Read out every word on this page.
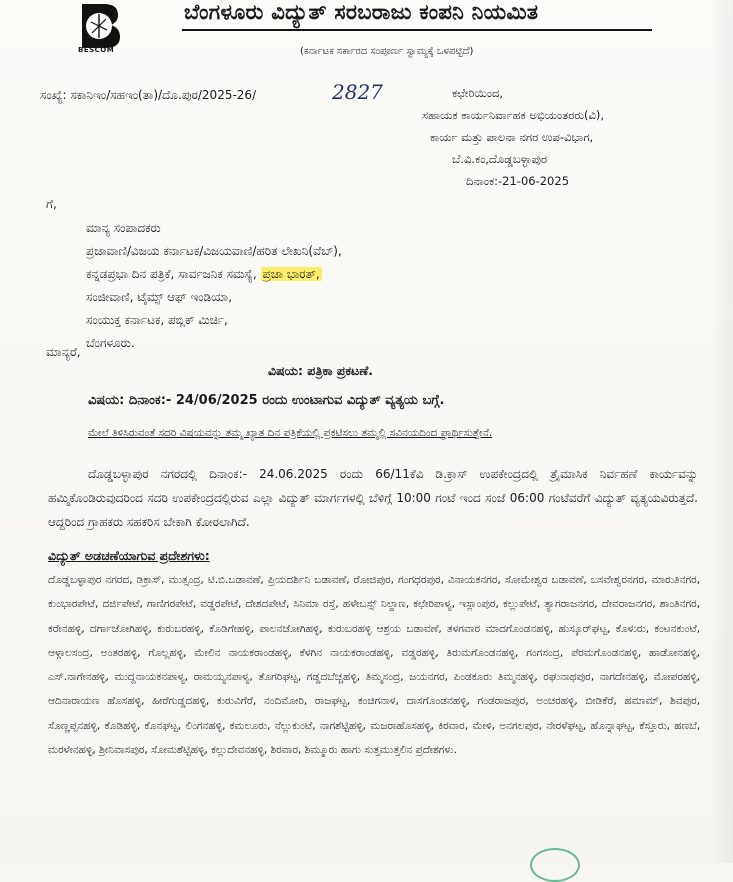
BESCOM
ಬೆಂಗಳೂರು ವಿದ್ಯುತ್ ಸರಬರಾಜು ಕಂಪನಿ ನಿಯಮಿತ
(ಕರ್ನಾಟಕ ಸರ್ಕಾರದ ಸಂಪೂರ್ಣ ಸ್ವಾಮ್ಯಕ್ಕೆ ಒಳಪಟ್ಟಿದೆ)
ಸಂಖ್ಯೆ: ಸಕಾನಿಇಂ/ಸಹಇಂ(ತಾ)/ದೊ.ಪುರ/2025-26/	2827	ಕಛೇರಿಯಿಂದ,
ಸಹಾಯಕ ಕಾರ್ಯನಿರ್ವಾಹಕ ಅಭಿಯಂತರರು(ವಿ),
ಕಾರ್ಯ ಮತ್ತು ಪಾಲನಾ ನಗರ ಉಪ-ವಿಭಾಗ,
ಬೆ.ವಿ.ಕಂ,ದೊಡ್ಡಬಳ್ಳಾಪುರ
ದಿನಾಂಕ:-21-06-2025
ಗೆ,
ಮಾನ್ಯ ಸಂಪಾದಕರು
ಪ್ರಜಾವಾಣಿ/ವಿಜಯ ಕರ್ನಾಟಕ/ವಿಜಯವಾಣಿ/ಹರಿತ ಲೇಖನಿ(ವೆಬ್),
ಕನ್ನಡಪ್ರಭಾ ದಿನ ಪತ್ರಿಕೆ, ಸಾರ್ವಜನಿಕ ಸಮಸ್ಯೆ, ಪ್ರಜಾ ಭಾರತ್,
ಸಂಜೀವಾಣಿ, ಟೈಮ್ಸ್ ಆಫ್ ಇಂಡಿಯಾ,
ಸಂಯುಕ್ತ ಕರ್ನಾಟಕ, ಪಬ್ಲಿಕ್ ಮಿರ್ಚಿ,
ಬೆಂಗಳೂರು.
ಮಾನ್ಯರೆ,
ವಿಷಯ: ಪತ್ರಿಕಾ ಪ್ರಕಟಣೆ.
ವಿಷಯ: ದಿನಾಂಕ:- 24/06/2025 ರಂದು ಉಂಟಾಗುವ ವಿದ್ಯುತ್ ವ್ಯತ್ಯಯ ಬಗ್ಗೆ.
ಮೇಲೆ ತಿಳಿಸಿರುವಂತೆ ಸದರಿ ವಿಷಯವನ್ನು ತಮ್ಮ ಖ್ಯಾತ ದಿನ ಪತ್ರಿಕೆಯಲ್ಲಿ ಪ್ರಕಟಿಸಲು ತಮ್ಮಲ್ಲಿ ಸವಿನಯದಿಂದ ಪ್ರಾರ್ಥಿಸುತ್ತೇನೆ.
ದೊಡ್ಡಬಳ್ಳಾಪುರ ನಗರದಲ್ಲಿ ದಿನಾಂಕ:- 24.06.2025 ರಂದು 66/11ಕೆವಿ ಡಿ.ಕ್ರಾಸ್ ಉಪಕೇಂದ್ರದಲ್ಲಿ ತ್ರೈಮಾಸಿಕ ನಿರ್ವಹಣೆ ಕಾರ್ಯವನ್ನು ಹಮ್ಮಿಕೊಂಡಿರುವುದರಿಂದ ಸದರಿ ಉಪಕೇಂದ್ರದಲ್ಲಿರುವ ಎಲ್ಲಾ ವಿದ್ಯುತ್ ಮಾರ್ಗಗಳಲ್ಲಿ ಬೆಳಿಗ್ಗೆ 10:00 ಗಂಟೆ ಇಂದ ಸಂಜೆ 06:00 ಗಂಟೆವರೆಗೆ ವಿದ್ಯುತ್ ವ್ಯತ್ಯಯವಿರುತ್ತದೆ. ಆದ್ದರಿಂದ ಗ್ರಾಹಕರು ಸಹಕರಿಸ ಬೇಕಾಗಿ ಕೋರಲಾಗಿದೆ.
ವಿದ್ಯುತ್ ಅಡಚಣೆಯಾಗುವ ಪ್ರದೇಶಗಳು:
ದೊಡ್ಡಬಳ್ಳಾಪುರ ನಗರದ, ಡಿಕ್ರಾಸ್, ಮುತ್ಸಂದ್ರ, ಟಿ.ಬಿ.ಬಡಾವಣೆ, ಪ್ರಿಯದರ್ಶಿನಿ ಬಡಾವಣೆ, ರೋಜಿಪುರ, ಗಂಗಧರಪುರ, ವಿನಾಯಕನಗರ, ಸೋಮೇಶ್ವರ ಬಡಾವಣೆ, ಬಸವೇಶ್ವರನಗರ, ಮಾರುತಿನಗರ, ಕುಂಭಾರಪೇಟೆ, ದರ್ಜಿಪೇಟೆ, ಗಾಣಿಗರಪೇಟೆ, ವಡ್ಡರಪೇಟೆ, ದೇಶದಪೇಟೆ, ಸಿನಿಮಾ ರಸ್ತೆ, ಹಳೇಬಸ್ಸ್ ನಿಲ್ದಾಣ, ಕಛೇರಿಪಾಳ್ಯ, ಇಸ್ಲಾಂಪುರ, ಕಲ್ಲುಪೇಟೆ, ತ್ಯಾಗರಾಜನಗರ, ದೇವರಾಜನಗರ, ಶಾಂತಿನಗರ, ಕರೇನಹಳ್ಳಿ, ದರ್ಗಾಜೋಗಿಹಳ್ಳಿ, ಕುರುಬರಹಳ್ಳಿ, ಕೊಡಿಗೇಹಳ್ಳಿ, ಪಾಲನಜೋಗಿಹಳ್ಳಿ, ಕುರುಬರಹಳ್ಳಿ ಆಶ್ರಯ ಬಡಾವಣೆ, ತಳಗವಾರ ಮಾದಗೊಂಡನಹಳ್ಳಿ, ಹುಸ್ಕೂರ್‌ಘಟ್ಟ, ಕೊಳುರು, ಕಂಟನಕುಂಟೆ, ಆಳ್ಗಾಲಸಂದ್ರ, ಅಂತರಹಳ್ಳಿ, ಗೊಲ್ಲಹಳ್ಳಿ, ಮೇಲಿನ ನಾಯಕರಾಂಡಹಳ್ಳಿ, ಕೆಳಗಿನ ನಾಯಕರಾಂಡಹಳ್ಳಿ, ವಡ್ಡರಹಳ್ಳಿ, ತಿರುಮಗೊಂಡನಹಳ್ಳಿ, ಗಂಗಸಂದ್ರ, ಪೆರಮಗೊಂಡನಹಳ್ಳಿ, ಹಾಡೋನಹಳ್ಳಿ, ಎಸ್.ನಾಗೇನಹಳ್ಳಿ, ಮುದ್ದನಾಯಕನಪಾಳ್ಯ, ರಾಮಯ್ಯನಪಾಳ್ಯ, ತೊಗರಿಘಟ್ಟ, ಗಡ್ಡದಬೆಚ್ಚಹಳ್ಳಿ, ತಿಮ್ಮಸಂದ್ರ, ಜಯನಗರ, ಪಿಂಡಕೂರು ತಿಮ್ಮನಹಳ್ಳಿ, ರಘುನಾಥಪುರ, ನಾಗದೇನಹಳ್ಳಿ, ಮೋಪರಹಳ್ಳಿ, ಆದಿನಾರಾಯಣ ಹೊಸಹಳ್ಳಿ, ಹೀರೆಗುಡ್ಡದಹಳ್ಳಿ, ಕುರುವಿಗೆರೆ, ನಂದಿಮೋರಿ, ರಾಜಘಟ್ಟ, ಕಂಚಿಗನಾಳ, ದಾಸಗೊಂಡನಹಳ್ಳಿ, ಗಂಡರಾಜಪುರ, ಅಂಚರಹಳ್ಳಿ, ಬೀಡಿಕೆರೆ, ಹಮಾಮ್, ಶಿವಪುರ, ಸೊಣ್ಣಪ್ಪನಹಳ್ಳಿ, ಕೊಡಿಹಳ್ಳಿ, ಕೊನಘಟ್ಟ, ಲಿಂಗನಹಳ್ಳಿ, ಕಮಲೂರು, ನೆಲ್ಲುಕುಂಟೆ, ನಾಗಶೆಟ್ಟಿಹಳ್ಳಿ, ಮಜರಾಹೊಸಹಳ್ಳಿ, ಕಿರವಾರ, ಮೇಳಿ, ಅನಗಲಪುರ, ನೇರಳೆಘಟ್ಟ, ಹೊನ್ನಾಘಟ್ಟ, ಕೆಸ್ತೂರು, ಹಣಬೆ, ಮರಳೇನಹಳ್ಳಿ, ಶ್ರೀನಿವಾಸಪುರ, ಸೋಮಶೆಟ್ಟಿಹಳ್ಳಿ, ಕಲ್ಲುದೇವನಹಳ್ಳಿ, ಶಿರವಾರ, ಶಿಮ್ಮೂರು ಹಾಗು ಸುತ್ತಮುತ್ತಲಿನ ಪ್ರದೇಶಗಳು.
